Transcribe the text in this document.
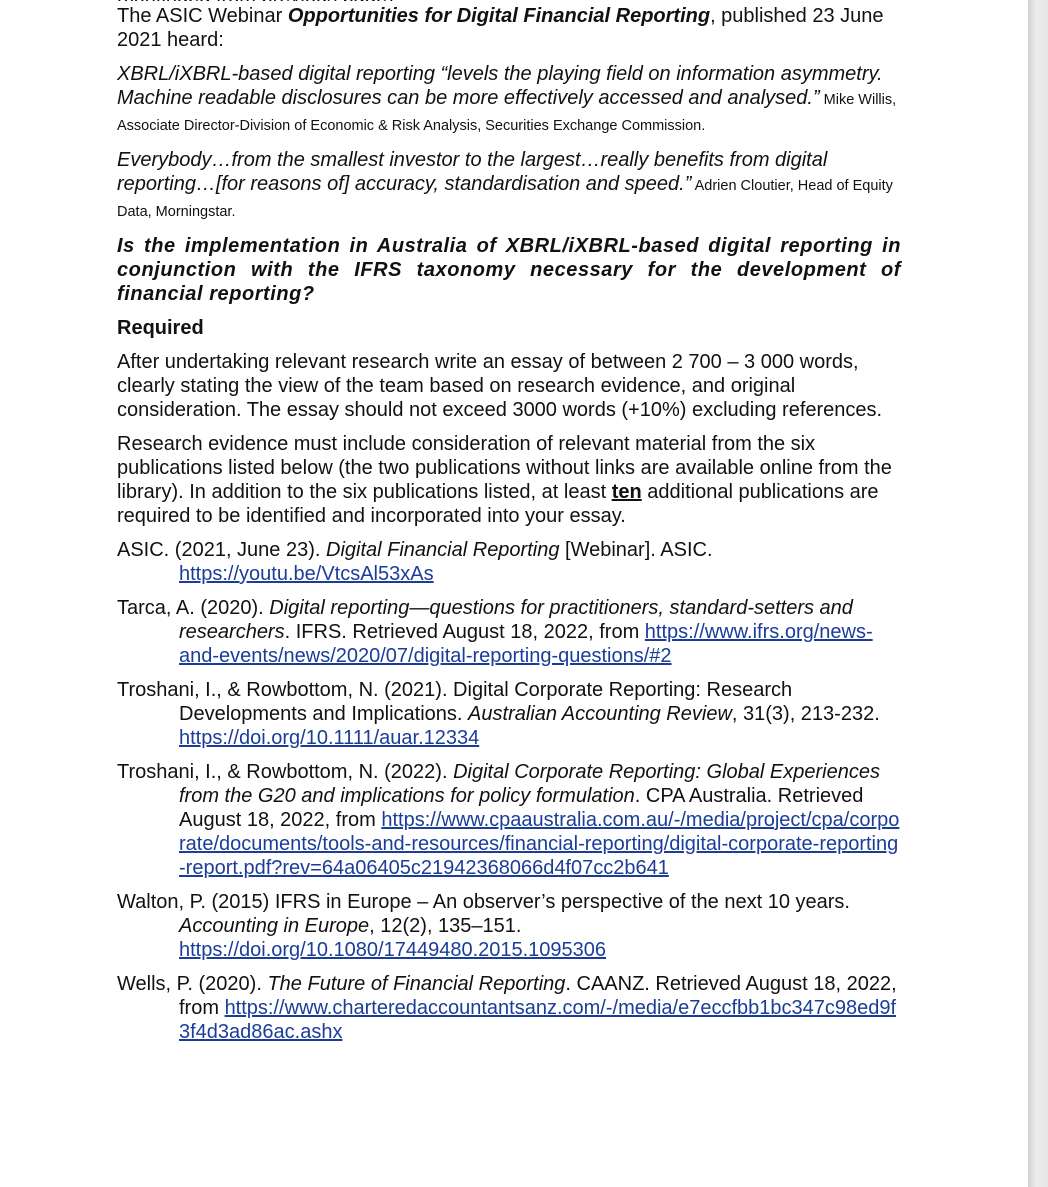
The ASIC Webinar Opportunities for Digital Financial Reporting, published 23 June 2021 heard:

XBRL/iXBRL-based digital reporting “levels the playing field on information asymmetry. Machine readable disclosures can be more effectively accessed and analysed.” Mike Willis, Associate Director-Division of Economic & Risk Analysis, Securities Exchange Commission.

Everybody…from the smallest investor to the largest…really benefits from digital reporting…[for reasons of] accuracy, standardisation and speed.” Adrien Cloutier, Head of Equity Data, Morningstar.

Is the implementation in Australia of XBRL/iXBRL-based digital reporting in conjunction with the IFRS taxonomy necessary for the development of financial reporting?

Required

After undertaking relevant research write an essay of between 2 700 – 3 000 words, clearly stating the view of the team based on research evidence, and original consideration. The essay should not exceed 3000 words (+10%) excluding references.

Research evidence must include consideration of relevant material from the six publications listed below (the two publications without links are available online from the library). In addition to the six publications listed, at least ten additional publications are required to be identified and incorporated into your essay.

ASIC. (2021, June 23). Digital Financial Reporting [Webinar]. ASIC. https://youtu.be/VtcsAl53xAs

Tarca, A. (2020). Digital reporting—questions for practitioners, standard-setters and researchers. IFRS. Retrieved August 18, 2022, from https://www.ifrs.org/news-and-events/news/2020/07/digital-reporting-questions/#2

Troshani, I., & Rowbottom, N. (2021). Digital Corporate Reporting: Research Developments and Implications. Australian Accounting Review, 31(3), 213-232. https://doi.org/10.1111/auar.12334

Troshani, I., & Rowbottom, N. (2022). Digital Corporate Reporting: Global Experiences from the G20 and implications for policy formulation. CPA Australia. Retrieved August 18, 2022, from https://www.cpaaustralia.com.au/-/media/project/cpa/corporate/documents/tools-and-resources/financial-reporting/digital-corporate-reporting-report.pdf?rev=64a06405c21942368066d4f07cc2b641

Walton, P. (2015) IFRS in Europe – An observer’s perspective of the next 10 years. Accounting in Europe, 12(2), 135–151. https://doi.org/10.1080/17449480.2015.1095306

Wells, P. (2020). The Future of Financial Reporting. CAANZ. Retrieved August 18, 2022, from https://www.charteredaccountantsanz.com/-/media/e7eccfbb1bc347c98ed9f3f4d3ad86ac.ashx
